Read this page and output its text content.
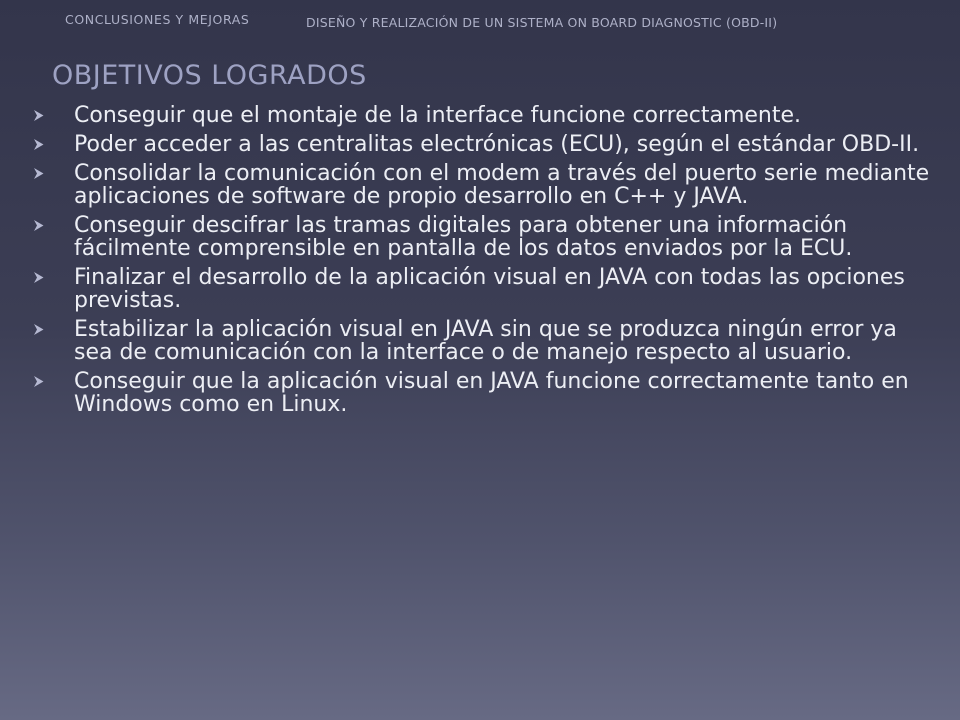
CONCLUSIONES Y MEJORAS	DISEÑO Y REALIZACIÓN DE UN SISTEMA ON BOARD DIAGNOSTIC (OBD-II)
OBJETIVOS LOGRADOS
Conseguir que el montaje de la interface funcione correctamente.
Poder acceder a las centralitas electrónicas (ECU), según el estándar OBD-II.
Consolidar la comunicación con el modem a través del puerto serie mediante aplicaciones de software de propio desarrollo en C++ y JAVA.
Conseguir descifrar las tramas digitales para obtener una información fácilmente comprensible en pantalla de los datos enviados por la ECU.
Finalizar el desarrollo de la aplicación visual en JAVA con todas las opciones previstas.
Estabilizar la aplicación visual en JAVA sin que se produzca ningún error ya sea de comunicación con la interface o de manejo respecto al usuario.
Conseguir que la aplicación visual en JAVA funcione correctamente tanto en Windows como en Linux.
